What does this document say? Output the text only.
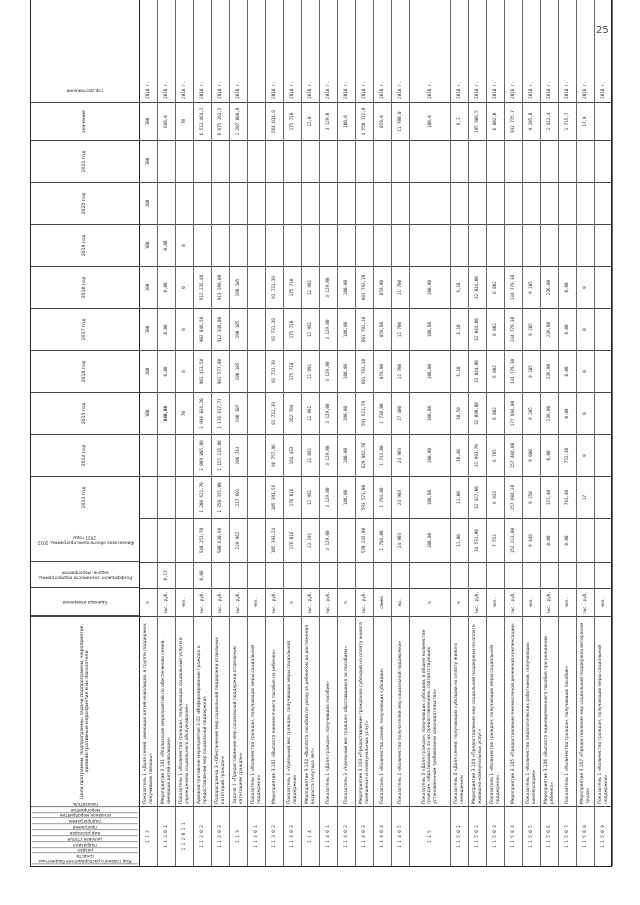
25
Код главного распорядителя бюджетных средств
раздел
подраздел
целевая статья
вид расходов
программа
подпрограмма
основное мероприятие
мероприятие
показатель
Цели программы, подпрограммы, задачи подпрограммы, мероприятия, административные мероприятия и их показатели
Единица измерения
Коэффициент значимости подпрограммы, задачи, мероприятия
Финансовое обеспечение программы, 2012-2021 годы
2013 год
2014 год
2015 год
2016 год
2017 год
2018 год
2019 год
2020 год
2021 год
значение
год достижения
1 1 2
Показатель 1 «Доля семей, имеющих детей-инвалидов, в группе поддержки, получивших помощь»
%
100
100
100
100
100
100
100
100
2018 г.
1 1 2 0 1
Мероприятие 2.101 «Реализация мероприятий по обеспечению семей, имеющих детей-инвалидов»
тыс. руб.
0,17
660,00
0,00
0,00
0,00
0,00
660,0
2018 г.
1 1 2 0 1 1
Показатель 1 «Количество граждан, получающих социальные услуги в учреждениях социального обслуживания»
чел.
70
0
0
0
0
70
2018 г.
1 1 2 0 2
Административное мероприятие 2.02 «Информирование граждан о предоставлении мер социальной поддержки»
тыс. руб.
0,08
540 253,70
1 200 621,70
1 009 805,00
1 096 834,20
901 413,50
902 046,50
912 235,40
6 512 464,2
2018 г.
1 1 2 0 3
Подпрограмма 3 «Обеспечение мер социальной поддержки отдельных категорий граждан»
тыс. руб.
580 630,60
1 350 371,00
1 155 116,00
1 176 617,71
901 577,00
912 349,00
913 209,00
6 675 163,5
2018 г.
1 1 3
Задача 1 «Предоставление мер социальной поддержки отдельным категориям граждан»
тыс. руб.
229 962
217 602
206 743
190 187
190 185
190 185
190 185
1 207 888,0
2018 г.
1 1 3 0 1
Показатель 1 «Количество граждан, получающих меры социальной поддержки»
чел.
1 1 3 0 2
Мероприятие 3.101 «Выплата ежемесячного пособия на ребенка»
тыс. руб.
105 393,24
105 393,56
96 757,96
91 731,39
91 731,39
91 731,39
91 731,39
564 034,9
2018 г.
1 1 3 0 3
Показатель 1 «Удельный вес граждан, получивших меры социальной поддержки»
%
176 016
176 016
164 433
162 704
175 718
175 718
175 718
175 718
2018 г.
1 1 4
Мероприятие 3.102 «Выплата пособий по уходу за ребенком до достижения возраста полутора лет»
тыс. руб.
13 191
12 991
11 091
12 991
12 991
12 991
12 991
12,0
2018 г.
1 1 4 0 1
Показатель 1 «Доля граждан, получивших пособие»
тыс. руб.
3 129,00
3 129,00
3 129,00
3 129,00
3 129,00
3 129,00
3 129,00
3 129,0
2018 г.
1 1 4 0 2
Показатель 2 «Удельный вес граждан, обратившихся за пособием»
%
100,00
100,00
100,00
100,00
100,00
100,00
100,0
2018 г.
1 1 4 0 3
Мероприятие 3.103 «Предоставление гражданам субсидий на оплату жилого помещения и коммунальных услуг»
тыс. руб.
570 235,00
593 573,00
629 062,70
593 621,79
601 792,10
601 792,10
601 792,10
4 550 172,0
2018 г.
1 1 4 0 4
Показатель 1 «Количество семей, получающих субсидии»
семей
1 794,00
1 794,00
1 733,00
1 720,00
859,00
859,00
859,00
859,0
2018 г.
1 1 4 0 5
Показатель 2 «Количество получателей мер социальной поддержки»
ед.
24 903
24 903
24 903
17 400
11 700
11 700
11 700
11 700,0
2018 г.
1 1 5
Показатель 3 «Доля граждан, получающих субсидии, в общем количестве граждан, обратившихся за их предоставлением, соответствующих установленным требованиям законодательства»
%
100,00
100,00
100,00
100,00
100,00
100,00
100,00
100,0
2018 г.
1 1 5 0 1
Показатель 4 «Доля семей, получающих субсидии на оплату жилого помещения»
%
11,00
11,00
10,40
10,50
6,10
6,10
6,10
6,1
2018 г.
1 1 5 0 2
Мероприятие 3.104 «Предоставление мер социальной поддержки по оплате жилищно-коммунальных услуг»
тыс. руб.
34 531,00
32 327,00
31 993,70
32 090,00
32 044,00
32 044,00
32 044,00
195 988,5
2018 г.
1 1 5 0 3
Показатель 1 «Количество граждан, получающих меры социальной поддержки»
чел.
7 552
6 933
6 765
6 802
6 802
6 802
6 802
6 802,0
2018 г.
1 1 5 0 4
Мероприятие 3.105 «Предоставление ежемесячной денежной компенсации»
тыс. руб.
152 213,00
157 604,20
157 404,00
177 094,00
134 779,30
134 779,30
134 779,30
932 775,7
2018 г.
1 1 5 0 5
Показатель 1 «Количество педагогических работников, получающих компенсацию»
чел.
9 449
9 250
9 080
9 285
9 285
9 285
9 285
9 285,0
2018 г.
1 1 5 0 6
Мероприятие 3.106 «Выплата единовременного пособия при рождении ребенка»
тыс. руб.
0,00
172,40
0,00
236,00
236,00
236,00
236,00
1 412,4
2018 г.
1 1 5 0 7
Показатель 1 «Количество граждан, получивших пособие»
чел.
0,00
763,40
752,10
0,00
0,00
0,00
0,00
1 715,7
2018 г.
1 1 5 0 8
Мероприятие 3.107 «Предоставление мер социальной поддержки ветеранам труда»
тыс. руб.
17
0
0
0
0
0
17,0
2018 г.
1 1 5 0 9
Показатель 1 «Количество граждан, получающих меры социальной поддержки»
чел.
2018 г.
